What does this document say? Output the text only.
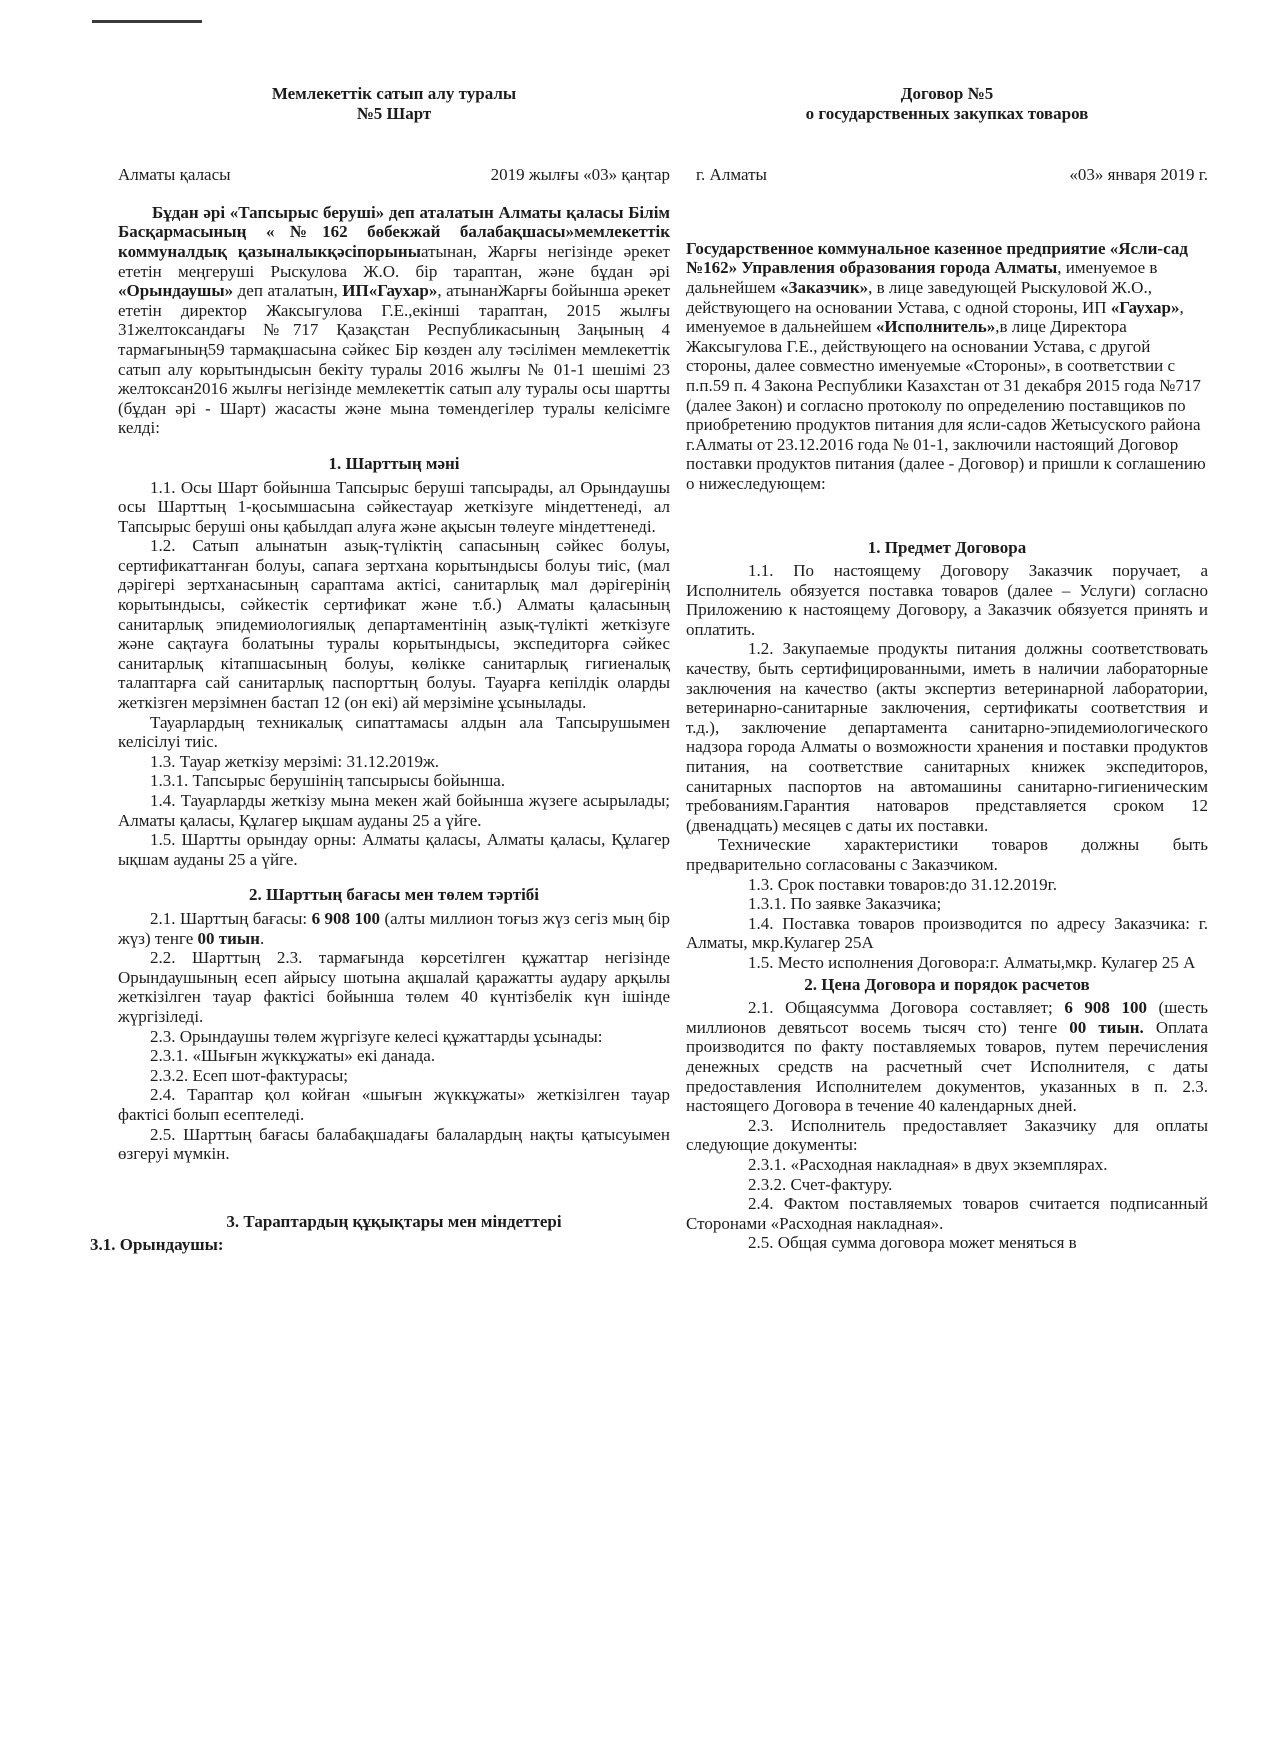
Мемлекеттік сатып алу туралы

№5 Шарт

Алматы қаласы	2019 жылғы «03» қаңтар

Бұдан әрі «Тапсырыс беруші» деп аталатын Алматы қаласы Білім Басқармасының «№162 бөбекжай балабақшасы»мемлекеттік коммуналдық қазыналыкқәсіпорыныатынан, Жарғы негізінде әрекет ететін меңгеруші Рыскулова Ж.О. бір тараптан, және бұдан әрі «Орындаушы» деп аталатын, ИП«Гаухар», атынанЖарғы бойынша әрекет ететін директор Жаксыгулова Г.Е.,екінші тараптан, 2015 жылғы 31желтоксандағы №717 Қазақстан Республикасының Заңының 4 тармағының59 тармақшасына сәйкес Бір көзден алу тәсілімен мемлекеттік сатып алу корытындысын бекіту туралы 2016 жылғы № 01-1 шешімі 23 желтоксан2016 жылғы негізінде мемлекеттік сатып алу туралы осы шартты (бұдан әрі - Шарт) жасасты және мына төмендегілер туралы келісімге келді:

1. Шарттың мәні

1.1. Осы Шарт бойынша Тапсырыс беруші тапсырады, ал Орындаушы осы Шарттың 1-қосымшасына сәйкестауар жеткізуге міндеттенеді, ал Тапсырыс беруші оны қабылдап алуға және ақысын төлеуге міндеттенеді.

1.2. Сатып алынатын азық-түліктің сапасының сәйкес болуы, сертификаттанған болуы, сапаға зертхана корытындысы болуы тиіс, (мал дәрігері зертханасының сараптама актісі, санитарлық мал дәрігерінің корытындысы, сәйкестік сертификат және т.б.) Алматы қаласының санитарлық эпидемиологиялық департаментінің азық-түлікті жеткізуге және сақтауға болатыны туралы корытындысы, экспедиторға сәйкес санитарлық кітапшасының болуы, көлікке санитарлық гигиеналық талаптарға сай санитарлық паспорттың болуы. Тауарға кепілдік оларды жеткізген мерзімнен бастап 12 (он екі) ай мерзіміне ұсынылады.

Тауарлардың техникалық сипаттамасы алдын ала Тапсырушымен келісілуі тиіс.

1.3. Тауар жеткізу мерзімі: 31.12.2019ж.

1.3.1. Тапсырыс берушінің тапсырысы бойынша.

1.4. Тауарларды жеткізу мына мекен жай бойынша жүзеге асырылады; Алматы қаласы, Құлагер ықшам ауданы 25 а үйге.

1.5. Шартты орындау орны: Алматы қаласы, Алматы қаласы, Құлагер ықшам ауданы 25 а үйге.

2. Шарттың бағасы мен төлем тәртібі

2.1. Шарттың бағасы: 6 908 100 (алты миллион тоғыз жүз сегіз мың бір жүз) тенге 00 тиын.

2.2. Шарттың 2.3. тармағында көрсетілген құжаттар негізінде Орындаушының есеп айрысу шотына ақшалай қаражатты аудару арқылы жеткізілген тауар фактісі бойынша төлем 40 күнтізбелік күн ішінде жүргізіледі.

2.3. Орындаушы төлем жүргізуге келесі құжаттарды ұсынады:

2.3.1. «Шығын жүккұжаты» екі данада.

2.3.2. Есеп шот-фактурасы;

2.4. Тараптар қол койған «шығын жүккұжаты» жеткізілген тауар фактісі болып есептеледі.

2.5. Шарттың бағасы балабақшадағы балалардың нақты қатысуымен өзгеруі мүмкін.

3. Тараптардың құқықтары мен міндеттері

3.1. Орындаушы:

Договор №5

о государственных закупках товаров

г. Алматы	«03» января 2019 г.

Государственное коммунальное казенное предприятие «Ясли-сад №162» Управления образования города Алматы, именуемое в дальнейшем «Заказчик», в лице заведующей Рыскуловой Ж.О., действующего на основании Устава, с одной стороны, ИП «Гаухар», именуемое в дальнейшем «Исполнитель»,в лице Директора Жаксыгулова Г.Е., действующего на основании Устава, с другой стороны, далее совместно именуемые «Стороны», в соответствии с п.п.59 п. 4 Закона Республики Казахстан от 31 декабря 2015 года №717 (далее Закон) и согласно протоколу по определению поставщиков по приобретению продуктов питания для ясли-садов Жетысуского района г.Алматы от 23.12.2016 года № 01-1, заключили настоящий Договор поставки продуктов питания (далее - Договор) и пришли к соглашению о нижеследующем:

1. Предмет Договора

1.1. По настоящему Договору Заказчик поручает, а Исполнитель обязуется поставка товаров (далее – Услуги) согласно Приложению к настоящему Договору, а Заказчик обязуется принять и оплатить.

1.2. Закупаемые продукты питания должны соответствовать качеству, быть сертифицированными, иметь в наличии лабораторные заключения на качество (акты экспертиз ветеринарной лаборатории, ветеринарно-санитарные заключения, сертификаты соответствия и т.д.), заключение департамента санитарно-эпидемиологического надзора города Алматы о возможности хранения и поставки продуктов питания, на соответствие санитарных книжек экспедиторов, санитарных паспортов на автомашины санитарно-гигиеническим требованиям.Гарантия натоваров представляется сроком 12 (двенадцать) месяцев с даты их поставки.

Технические характеристики товаров должны быть предварительно согласованы с Заказчиком.

1.3. Срок поставки товаров:до 31.12.2019г.

1.3.1. По заявке Заказчика;

1.4. Поставка товаров производится по адресу Заказчика: г. Алматы, мкр.Кулагер 25А

1.5. Место исполнения Договора:г. Алматы,мкр. Кулагер 25 А

2. Цена Договора и порядок расчетов

2.1. Общаясумма Договора составляет; 6 908 100 (шесть миллионов девятьсот восемь тысяч сто) тенге 00 тиын. Оплата производится по факту поставляемых товаров, путем перечисления денежных средств на расчетный счет Исполнителя, с даты предоставления Исполнителем документов, указанных в п. 2.3. настоящего Договора в течение 40 календарных дней.

2.3. Исполнитель предоставляет Заказчику для оплаты следующие документы:

2.3.1. «Расходная накладная» в двух экземплярах.

2.3.2. Счет-фактуру.

2.4. Фактом поставляемых товаров считается подписанный Сторонами «Расходная накладная».

2.5. Общая сумма договора может меняться в
